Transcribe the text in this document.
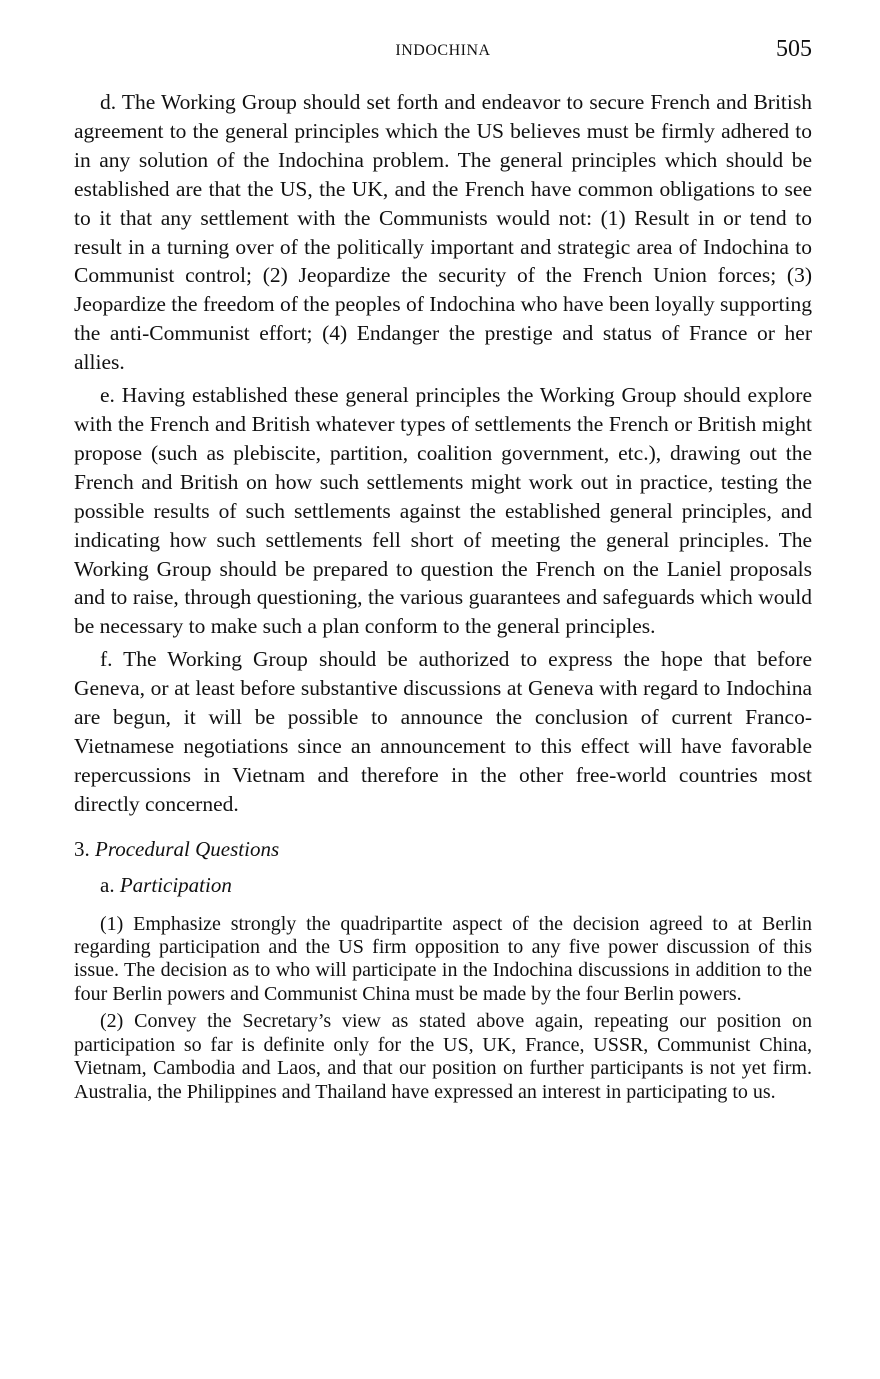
INDOCHINA	505

d. The Working Group should set forth and endeavor to secure French and British agreement to the general principles which the US believes must be firmly adhered to in any solution of the Indochina problem. The general principles which should be established are that the US, the UK, and the French have common obligations to see to it that any settlement with the Communists would not: (1) Result in or tend to result in a turning over of the politically important and strategic area of Indochina to Communist control; (2) Jeopardize the security of the French Union forces; (3) Jeopardize the freedom of the peoples of Indochina who have been loyally supporting the anti-Communist effort; (4) Endanger the prestige and status of France or her allies.

e. Having established these general principles the Working Group should explore with the French and British whatever types of settlements the French or British might propose (such as plebiscite, partition, coalition government, etc.), drawing out the French and British on how such settlements might work out in practice, testing the possible results of such settlements against the established general principles, and indicating how such settlements fell short of meeting the general principles. The Working Group should be prepared to question the French on the Laniel proposals and to raise, through questioning, the various guarantees and safeguards which would be necessary to make such a plan conform to the general principles.

f. The Working Group should be authorized to express the hope that before Geneva, or at least before substantive discussions at Geneva with regard to Indochina are begun, it will be possible to announce the conclusion of current Franco-Vietnamese negotiations since an announcement to this effect will have favorable repercussions in Vietnam and therefore in the other free-world countries most directly concerned.

3. Procedural Questions

a. Participation

(1) Emphasize strongly the quadripartite aspect of the decision agreed to at Berlin regarding participation and the US firm opposition to any five power discussion of this issue. The decision as to who will participate in the Indochina discussions in addition to the four Berlin powers and Communist China must be made by the four Berlin powers.

(2) Convey the Secretary’s view as stated above again, repeating our position on participation so far is definite only for the US, UK, France, USSR, Communist China, Vietnam, Cambodia and Laos, and that our position on further participants is not yet firm. Australia, the Philippines and Thailand have expressed an interest in participating to us.
